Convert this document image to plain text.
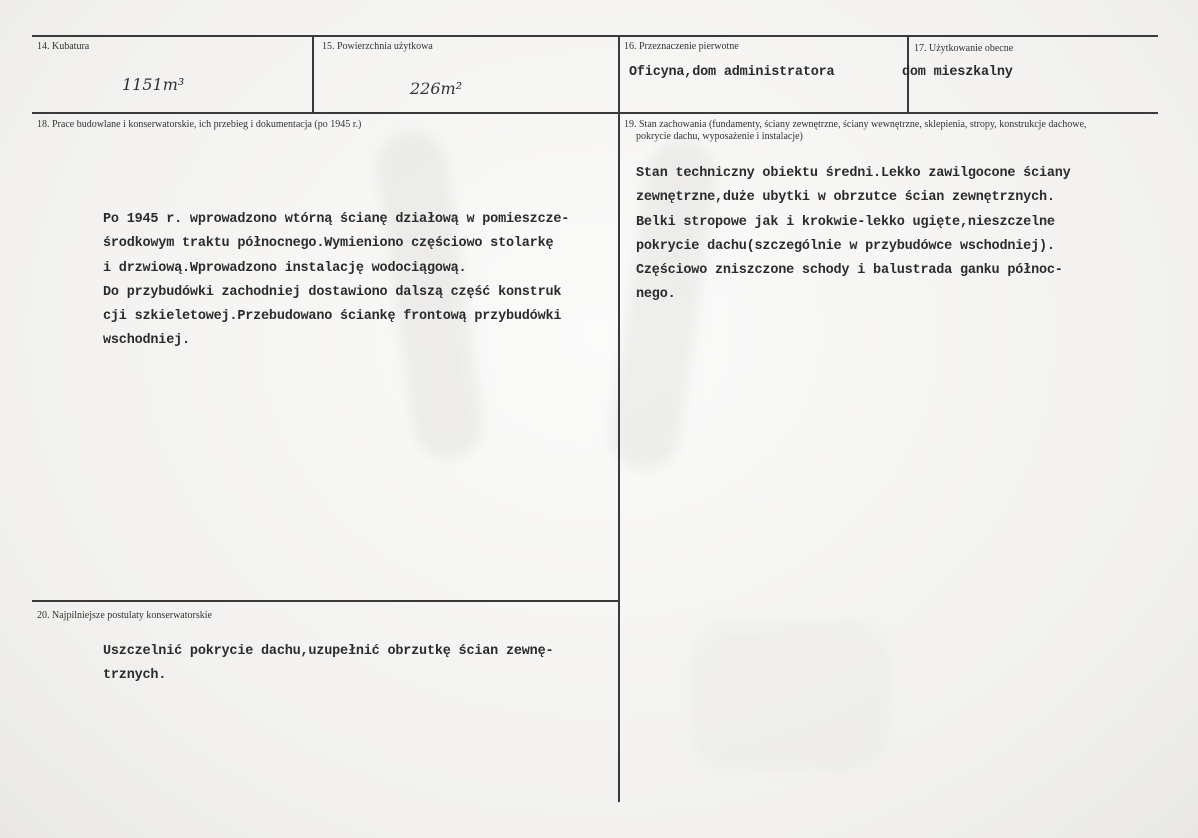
14. Kubatura
1151m³
15. Powierzchnia użytkowa
226m²
16. Przeznaczenie pierwotne
Oficyna,dom administratora
17. Użytkowanie obecne
dom mieszkalny
18. Prace budowlane i konserwatorskie, ich przebieg i dokumentacja (po 1945 r.)
Po 1945 r. wprowadzono wtórną ścianę działową w pomieszcze-
środkowym traktu północnego.Wymieniono częściowo stolarkę
i drzwiową.Wprowadzono instalację wodociągową.
Do przybudówki zachodniej dostawiono dalszą część konstruk
cji szkieletowej.Przebudowano ściankę frontową przybudówki
wschodniej.
19. Stan zachowania (fundamenty, ściany zewnętrzne, ściany wewnętrzne, sklepienia, stropy, konstrukcje dachowe,
pokrycie dachu, wyposażenie i instalacje)
Stan techniczny obiektu średni.Lekko zawilgocone ściany
zewnętrzne,duże ubytki w obrzutce ścian zewnętrznych.
Belki stropowe jak i krokwie-lekko ugięte,nieszczelne
pokrycie dachu(szczególnie w przybudówce wschodniej).
Częściowo zniszczone schody i balustrada ganku północ-
nego.
20. Najpilniejsze postulaty konserwatorskie
Uszczelnić pokrycie dachu,uzupełnić obrzutkę ścian zewnę-
trznych.
